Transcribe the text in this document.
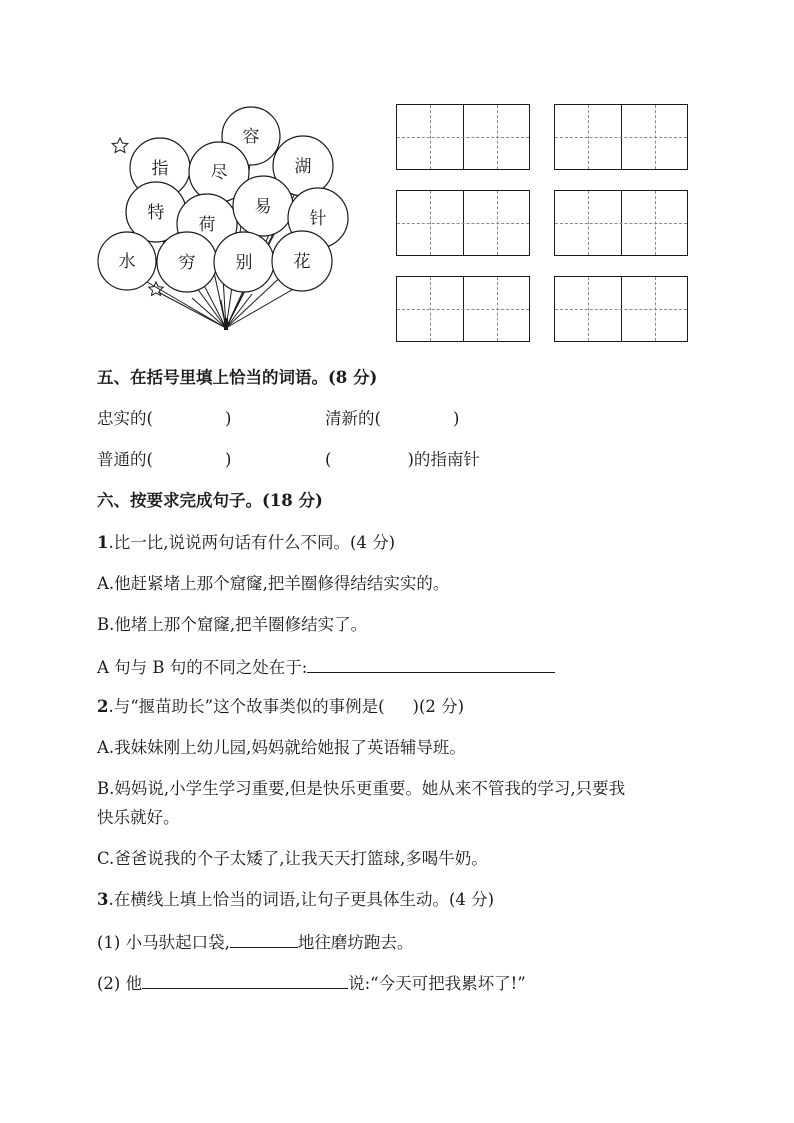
容
指 尽	湖
特
荷
易
针
水	穷 别 花
五、在括号里填上恰当的词语。(8 分)
忠实的(	)	清新的(	)
普通的(	)	(	)的指南针
六、按要求完成句子。(18 分)
1.比一比,说说两句话有什么不同。(4 分)
A.他赶紧堵上那个窟窿,把羊圈修得结结实实的。
B.他堵上那个窟窿,把羊圈修结实了。
A 句与 B 句的不同之处在于:
2.与“揠苗助长”这个故事类似的事例是( )(2 分)
A.我妹妹刚上幼儿园,妈妈就给她报了英语辅导班。
B.妈妈说,小学生学习重要,但是快乐更重要。她从来不管我的学习,只要我
快乐就好。
C.爸爸说我的个子太矮了,让我天天打篮球,多喝牛奶。
3.在横线上填上恰当的词语,让句子更具体生动。(4 分)
(1) 小马驮起口袋,	地往磨坊跑去。
(2) 他	说:“今天可把我累坏了!”
